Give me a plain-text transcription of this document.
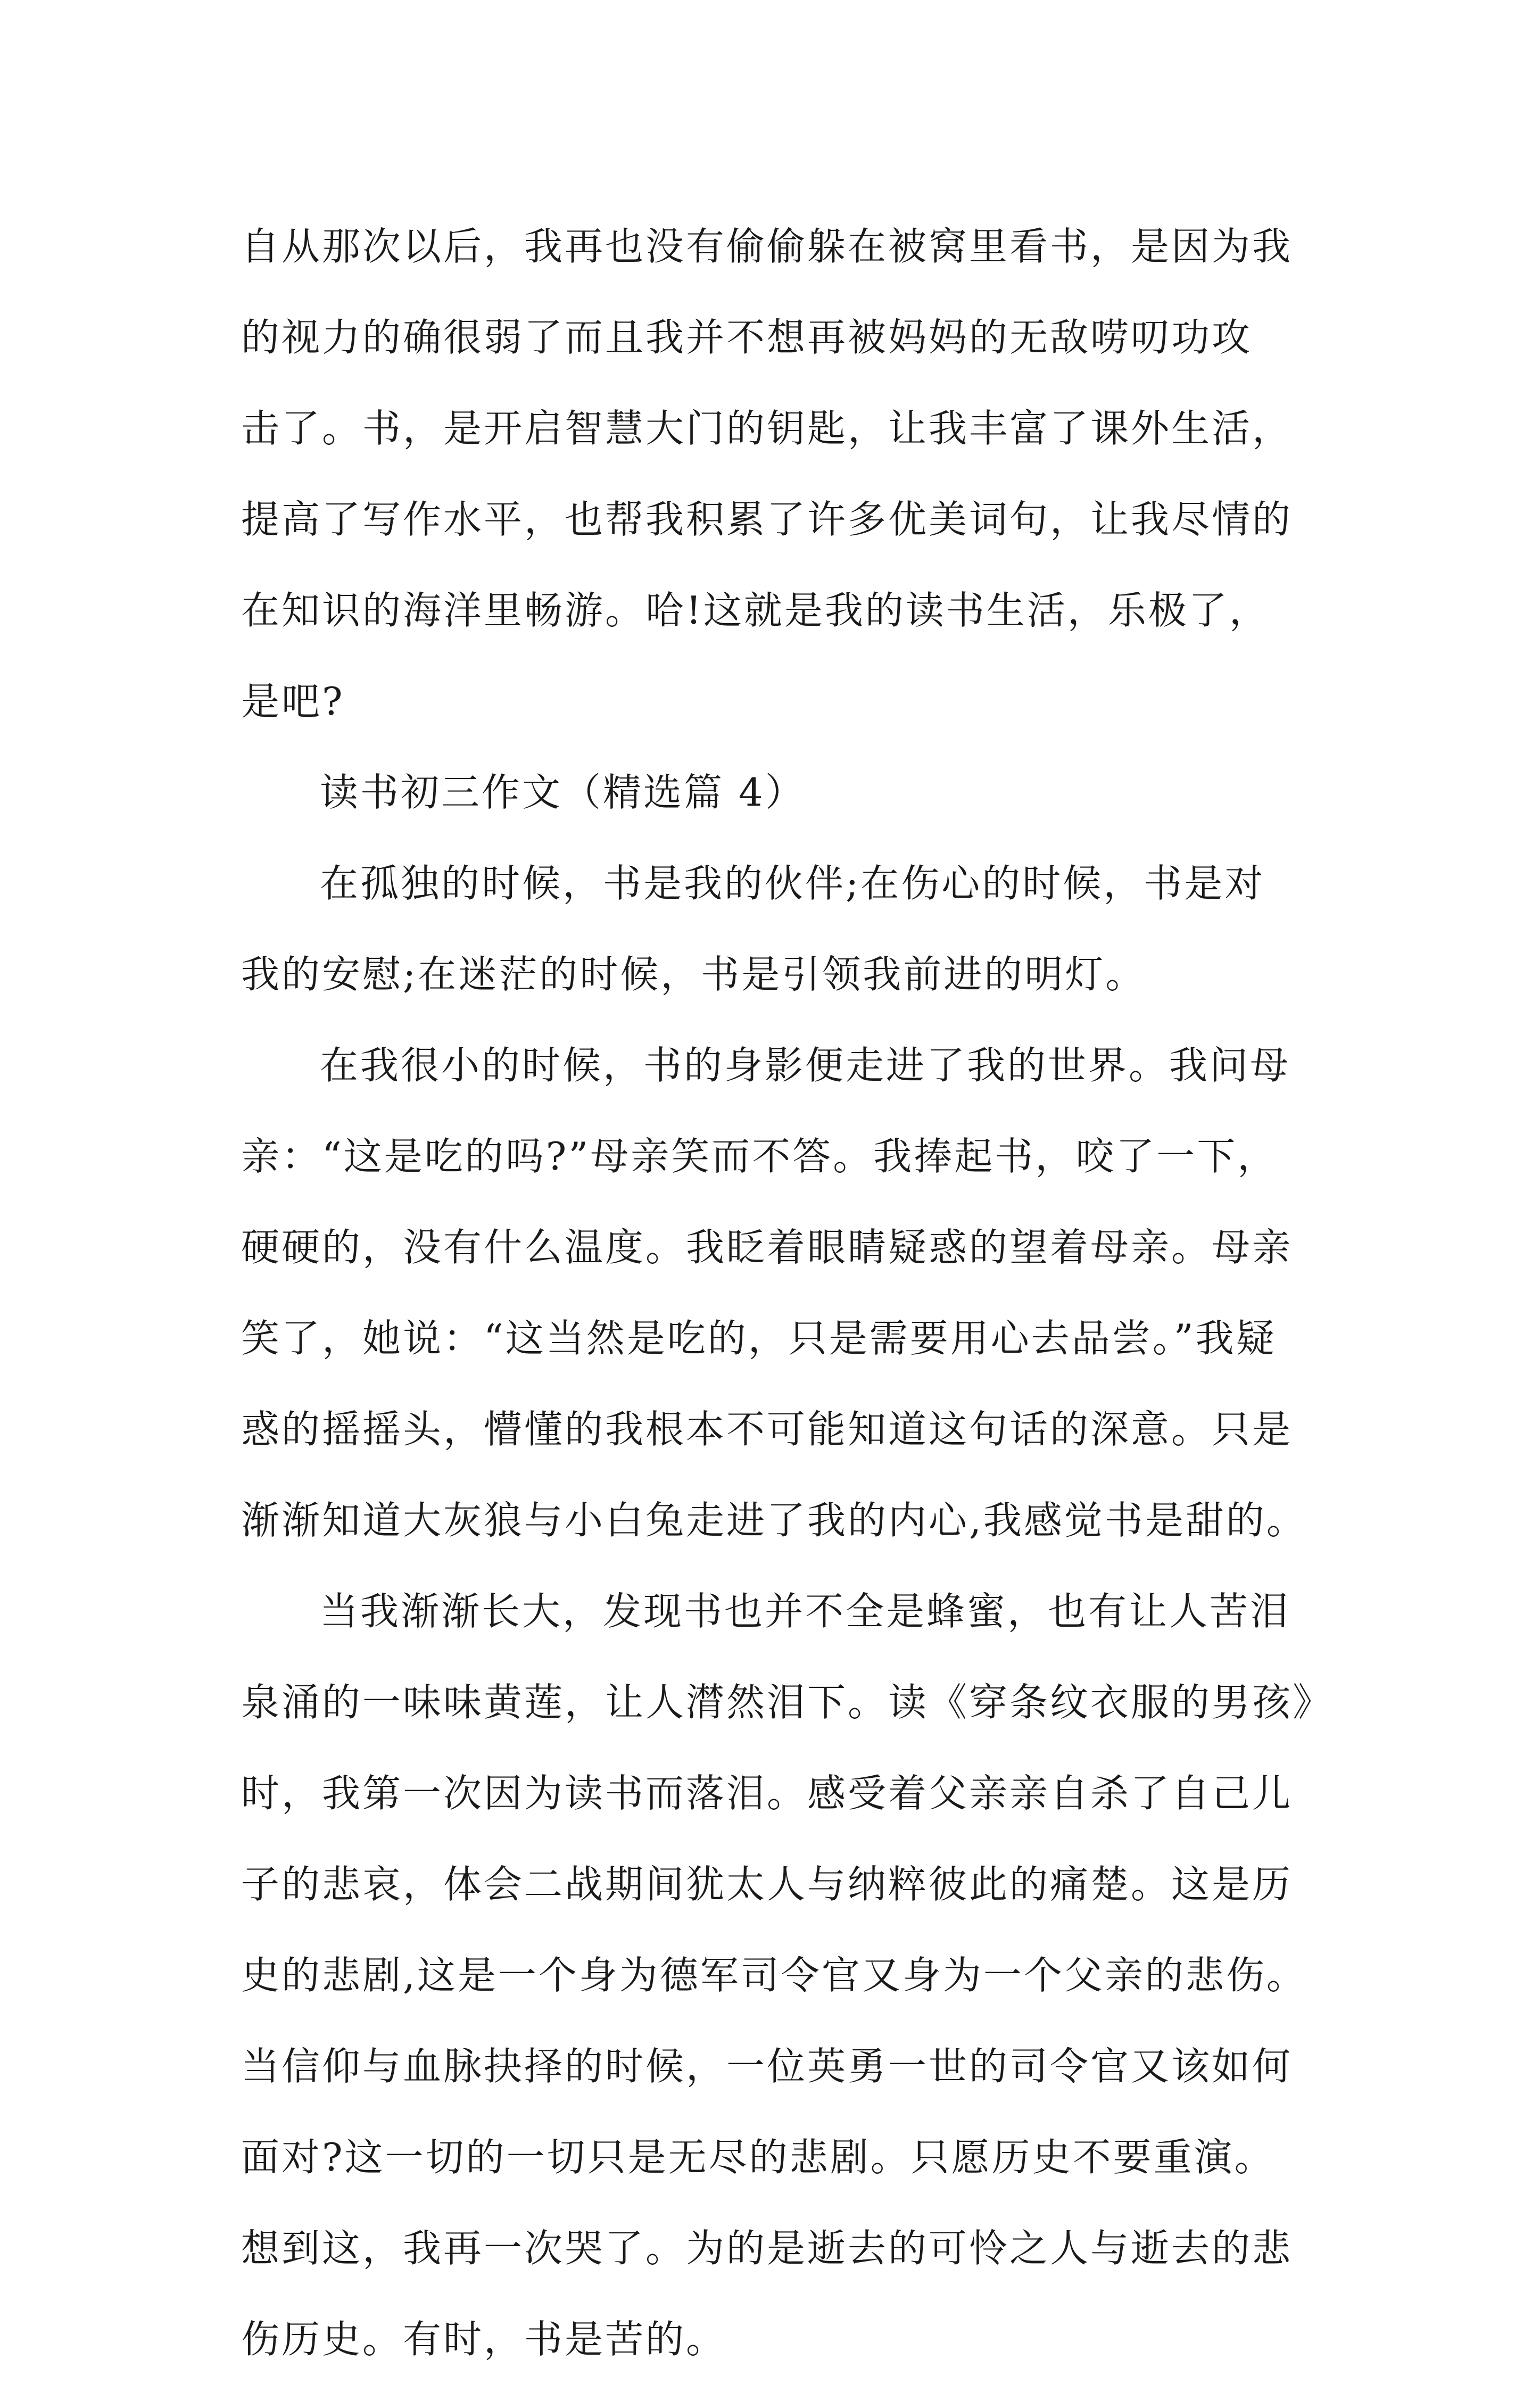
自从那次以后，我再也没有偷偷躲在被窝里看书，是因为我
的视力的确很弱了而且我并不想再被妈妈的无敌唠叨功攻
击了。书，是开启智慧大门的钥匙，让我丰富了课外生活，
提高了写作水平，也帮我积累了许多优美词句，让我尽情的
在知识的海洋里畅游。哈!这就是我的读书生活，乐极了，
是吧?
读书初三作文（精选篇 4）
在孤独的时候，书是我的伙伴;在伤心的时候，书是对
我的安慰;在迷茫的时候，书是引领我前进的明灯。
在我很小的时候，书的身影便走进了我的世界。我问母
亲：“这是吃的吗?”母亲笑而不答。我捧起书，咬了一下，
硬硬的，没有什么温度。我眨着眼睛疑惑的望着母亲。母亲
笑了，她说：“这当然是吃的，只是需要用心去品尝。”我疑
惑的摇摇头，懵懂的我根本不可能知道这句话的深意。只是
渐渐知道大灰狼与小白兔走进了我的内心,我感觉书是甜的。
当我渐渐长大，发现书也并不全是蜂蜜，也有让人苦泪
泉涌的一味味黄莲，让人潸然泪下。读《穿条纹衣服的男孩》
时，我第一次因为读书而落泪。感受着父亲亲自杀了自己儿
子的悲哀，体会二战期间犹太人与纳粹彼此的痛楚。这是历
史的悲剧,这是一个身为德军司令官又身为一个父亲的悲伤。
当信仰与血脉抉择的时候，一位英勇一世的司令官又该如何
面对?这一切的一切只是无尽的悲剧。只愿历史不要重演。
想到这，我再一次哭了。为的是逝去的可怜之人与逝去的悲
伤历史。有时，书是苦的。
